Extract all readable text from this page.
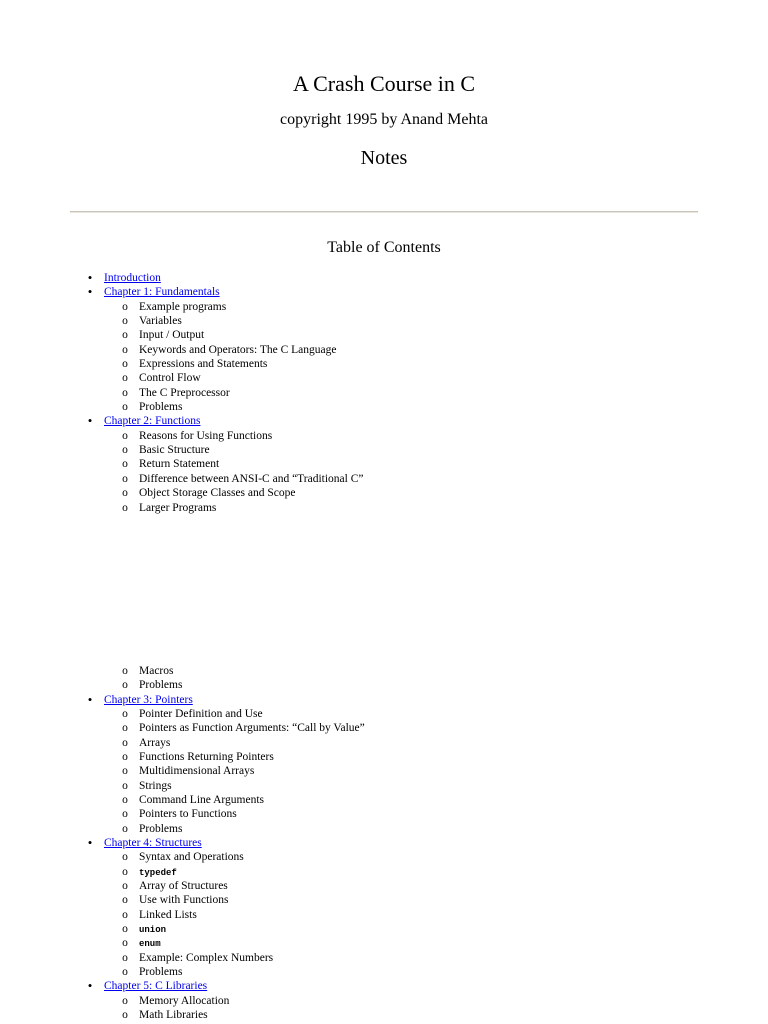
A Crash Course in C
copyright 1995 by Anand Mehta
Notes
Table of Contents
• Introduction
• Chapter 1: Fundamentals
o Example programs
o Variables
o Input / Output
o Keywords and Operators: The C Language
o Expressions and Statements
o Control Flow
o The C Preprocessor
o Problems
• Chapter 2: Functions
o Reasons for Using Functions
o Basic Structure
o Return Statement
o Difference between ANSI-C and “Traditional C”
o Object Storage Classes and Scope
o Larger Programs
o Macros
o Problems
• Chapter 3: Pointers
o Pointer Definition and Use
o Pointers as Function Arguments: “Call by Value”
o Arrays
o Functions Returning Pointers
o Multidimensional Arrays
o Strings
o Command Line Arguments
o Pointers to Functions
o Problems
• Chapter 4: Structures
o Syntax and Operations
o typedef
o Array of Structures
o Use with Functions
o Linked Lists
o union
o enum
o Example: Complex Numbers
o Problems
• Chapter 5: C Libraries
o Memory Allocation
o Math Libraries
